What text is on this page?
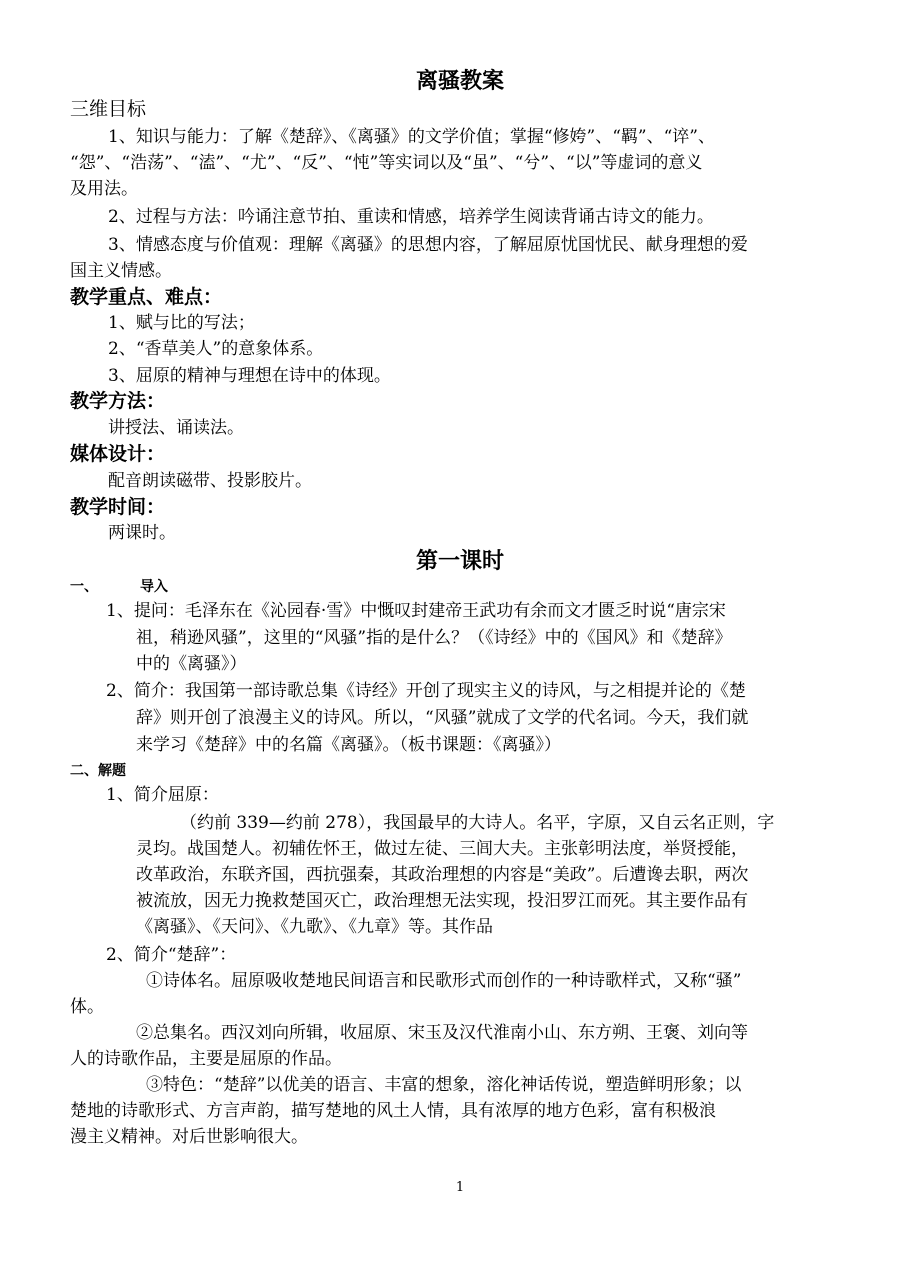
离骚教案
三维目标
1、知识与能力：了解《楚辞》、《离骚》的文学价值；掌握“修姱”、“羁”、“谇”、
“怨”、“浩荡”、“溘”、“尤”、“反”、“忳”等实词以及“虽”、“兮”、“以”等虚词的意义
及用法。
2、过程与方法：吟诵注意节拍、重读和情感，培养学生阅读背诵古诗文的能力。
3、情感态度与价值观：理解《离骚》的思想内容，了解屈原忧国忧民、献身理想的爱
国主义情感。
教学重点、难点：
1、赋与比的写法；
2、“香草美人”的意象体系。
3、屈原的精神与理想在诗中的体现。
教学方法：
讲授法、诵读法。
媒体设计：
配音朗读磁带、投影胶片。
教学时间：
两课时。
第一课时
一、	导入
1、提问：毛泽东在《沁园春·雪》中慨叹封建帝王武功有余而文才匮乏时说“唐宗宋
祖，稍逊风骚”，这里的“风骚”指的是什么？（《诗经》中的《国风》和《楚辞》
中的《离骚》）
2、简介：我国第一部诗歌总集《诗经》开创了现实主义的诗风，与之相提并论的《楚
辞》则开创了浪漫主义的诗风。所以，“风骚”就成了文学的代名词。今天，我们就
来学习《楚辞》中的名篇《离骚》。（板书课题：《离骚》）
二、解题
1、简介屈原：
（约前 339—约前 278），我国最早的大诗人。名平，字原，又自云名正则，字
灵均。战国楚人。初辅佐怀王，做过左徒、三闾大夫。主张彰明法度，举贤授能，
改革政治，东联齐国，西抗强秦，其政治理想的内容是“美政”。后遭谗去职，两次
被流放，因无力挽救楚国灭亡，政治理想无法实现，投汨罗江而死。其主要作品有
《离骚》、《天问》、《九歌》、《九章》等。其作品
2、简介“楚辞”：
①诗体名。屈原吸收楚地民间语言和民歌形式而创作的一种诗歌样式，又称“骚”
体。
②总集名。西汉刘向所辑，收屈原、宋玉及汉代淮南小山、东方朔、王褒、刘向等
人的诗歌作品，主要是屈原的作品。
③特色：“楚辞”以优美的语言、丰富的想象，溶化神话传说，塑造鲜明形象；以
楚地的诗歌形式、方言声韵，描写楚地的风土人情，具有浓厚的地方色彩，富有积极浪
漫主义精神。对后世影响很大。
1
